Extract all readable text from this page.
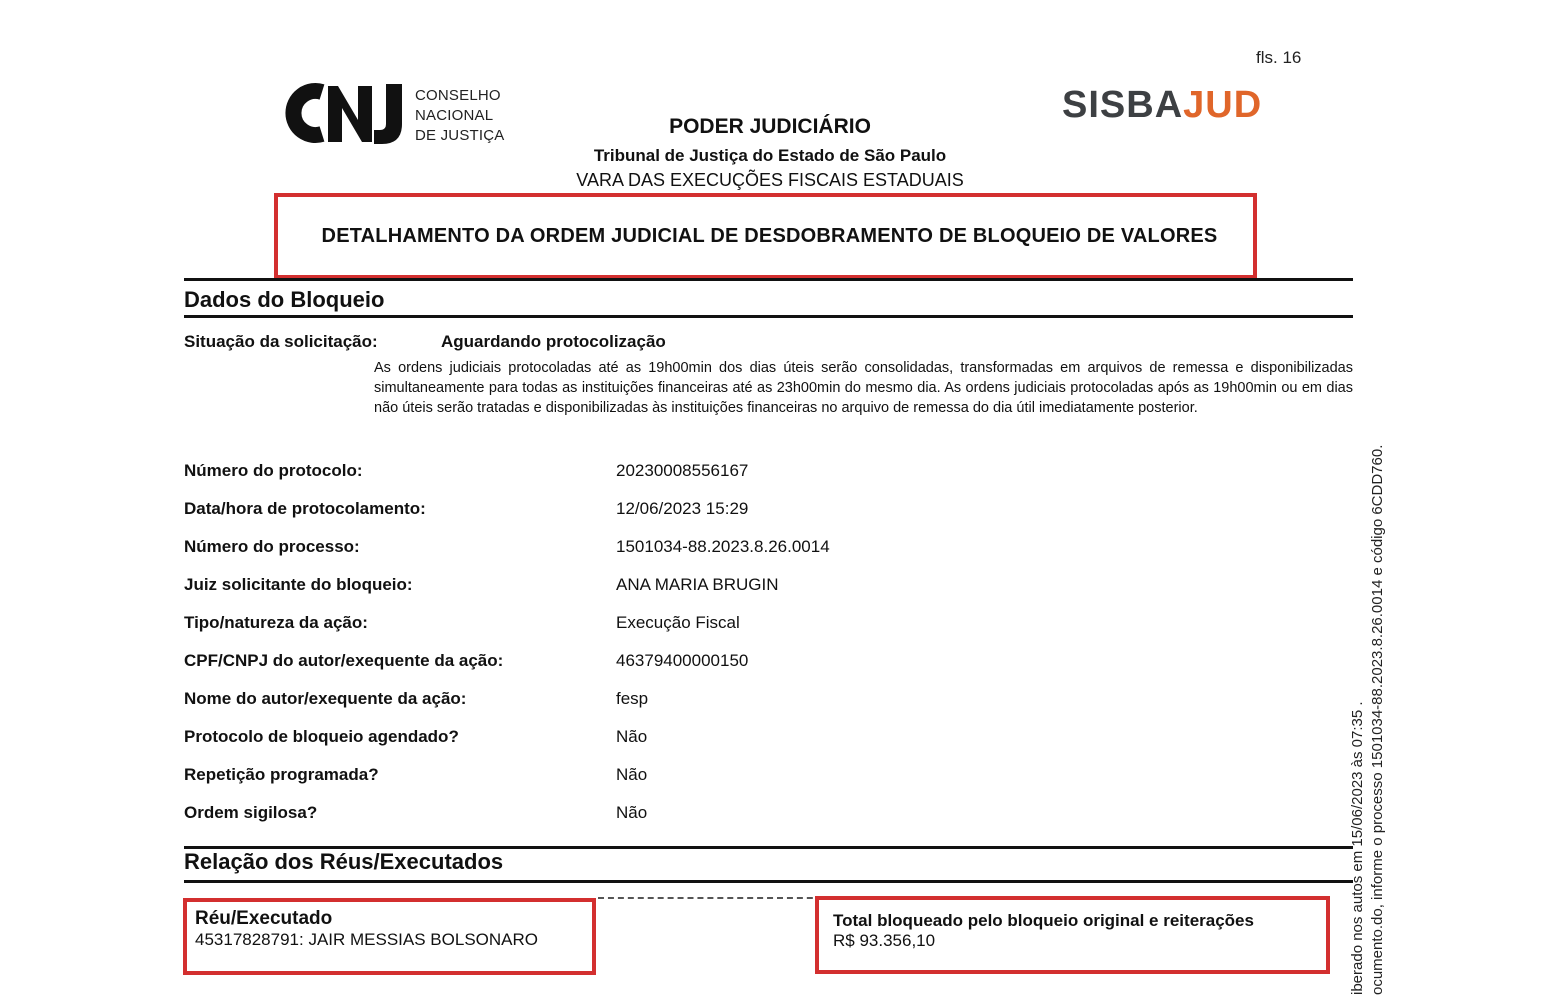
fls. 16
CONSELHO
NACIONAL
DE JUSTIÇA
SISBAJUD
PODER JUDICIÁRIO
Tribunal de Justiça do Estado de São Paulo
VARA DAS EXECUÇÕES FISCAIS ESTADUAIS
DETALHAMENTO DA ORDEM JUDICIAL DE DESDOBRAMENTO DE BLOQUEIO DE VALORES
Dados do Bloqueio
Situação da solicitação:	Aguardando protocolização
As ordens judiciais protocoladas até as 19h00min dos dias úteis serão consolidadas, transformadas em arquivos de remessa e disponibilizadas simultaneamente para todas as instituições financeiras até as 23h00min do mesmo dia. As ordens judiciais protocoladas após as 19h00min ou em dias não úteis serão tratadas e disponibilizadas às instituições financeiras no arquivo de remessa do dia útil imediatamente posterior.
Número do protocolo:	20230008556167
Data/hora de protocolamento:	12/06/2023 15:29
Número do processo:	1501034-88.2023.8.26.0014
Juiz solicitante do bloqueio:	ANA MARIA BRUGIN
Tipo/natureza da ação:	Execução Fiscal
CPF/CNPJ do autor/exequente da ação:	46379400000150
Nome do autor/exequente da ação:	fesp
Protocolo de bloqueio agendado?	Não
Repetição programada?	Não
Ordem sigilosa?	Não
Relação dos Réus/Executados
Réu/Executado
45317828791: JAIR MESSIAS BOLSONARO
Total bloqueado pelo bloqueio original e reiterações
R$ 93.356,10	iberado nos autos em 15/06/2023 às 07:35 . ocumento.do, informe o processo 1501034-88.2023.8.26.0014 e código 6CDD760.
